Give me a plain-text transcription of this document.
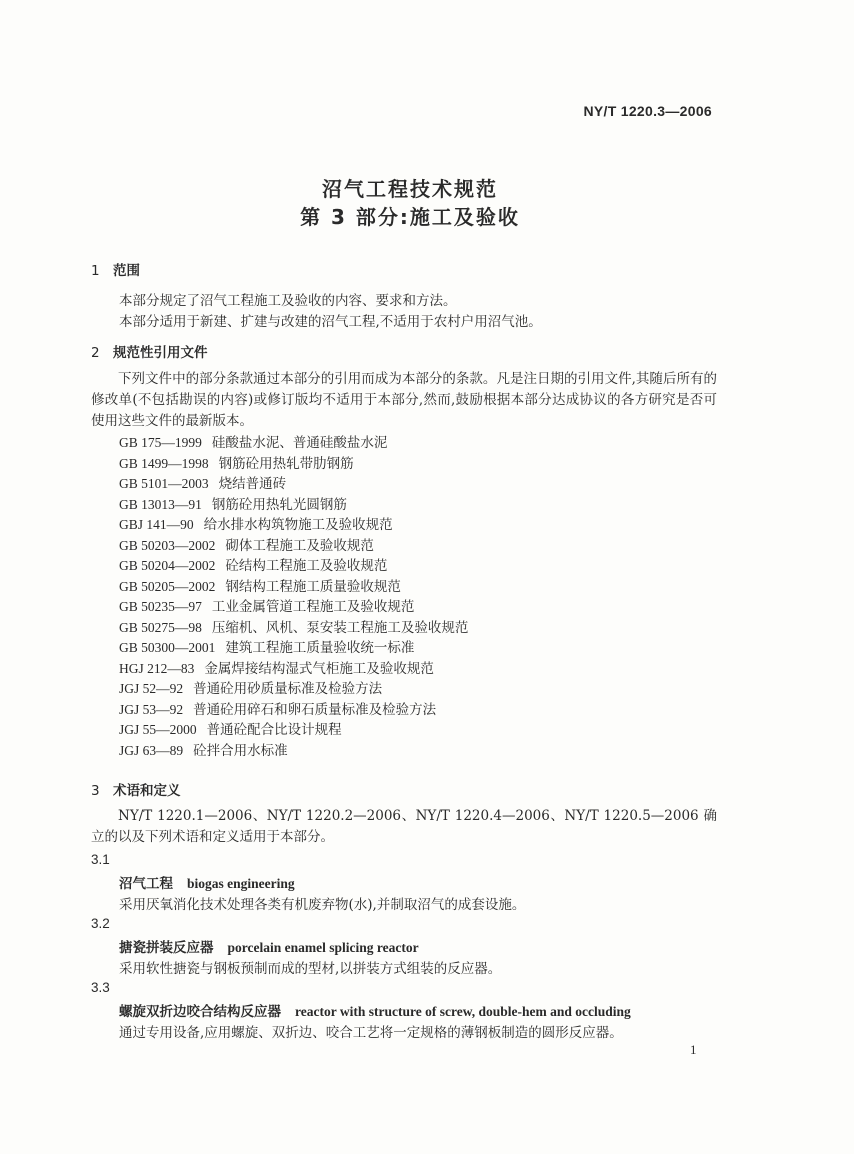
NY/T 1220.3—2006
沼气工程技术规范
第 3 部分:施工及验收
1 范围
本部分规定了沼气工程施工及验收的内容、要求和方法。
本部分适用于新建、扩建与改建的沼气工程,不适用于农村户用沼气池。
2 规范性引用文件
下列文件中的部分条款通过本部分的引用而成为本部分的条款。凡是注日期的引用文件,其随后所有的修改单(不包括勘误的内容)或修订版均不适用于本部分,然而,鼓励根据本部分达成协议的各方研究是否可使用这些文件的最新版本。
GB 175—1999 硅酸盐水泥、普通硅酸盐水泥
GB 1499—1998 钢筋砼用热轧带肋钢筋
GB 5101—2003 烧结普通砖
GB 13013—91 钢筋砼用热轧光圆钢筋
GBJ 141—90 给水排水构筑物施工及验收规范
GB 50203—2002 砌体工程施工及验收规范
GB 50204—2002 砼结构工程施工及验收规范
GB 50205—2002 钢结构工程施工质量验收规范
GB 50235—97 工业金属管道工程施工及验收规范
GB 50275—98 压缩机、风机、泵安装工程施工及验收规范
GB 50300—2001 建筑工程施工质量验收统一标准
HGJ 212—83 金属焊接结构湿式气柜施工及验收规范
JGJ 52—92 普通砼用砂质量标准及检验方法
JGJ 53—92 普通砼用碎石和卵石质量标准及检验方法
JGJ 55—2000 普通砼配合比设计规程
JGJ 63—89 砼拌合用水标准
3 术语和定义
NY/T 1220.1—2006、NY/T 1220.2—2006、NY/T 1220.4—2006、NY/T 1220.5—2006 确立的以及下列术语和定义适用于本部分。
3.1
沼气工程 biogas engineering
采用厌氧消化技术处理各类有机废弃物(水),并制取沼气的成套设施。
3.2
搪瓷拼装反应器 porcelain enamel splicing reactor
采用软性搪瓷与钢板预制而成的型材,以拼装方式组装的反应器。
3.3
螺旋双折边咬合结构反应器 reactor with structure of screw, double-hem and occluding
通过专用设备,应用螺旋、双折边、咬合工艺将一定规格的薄钢板制造的圆形反应器。
1
